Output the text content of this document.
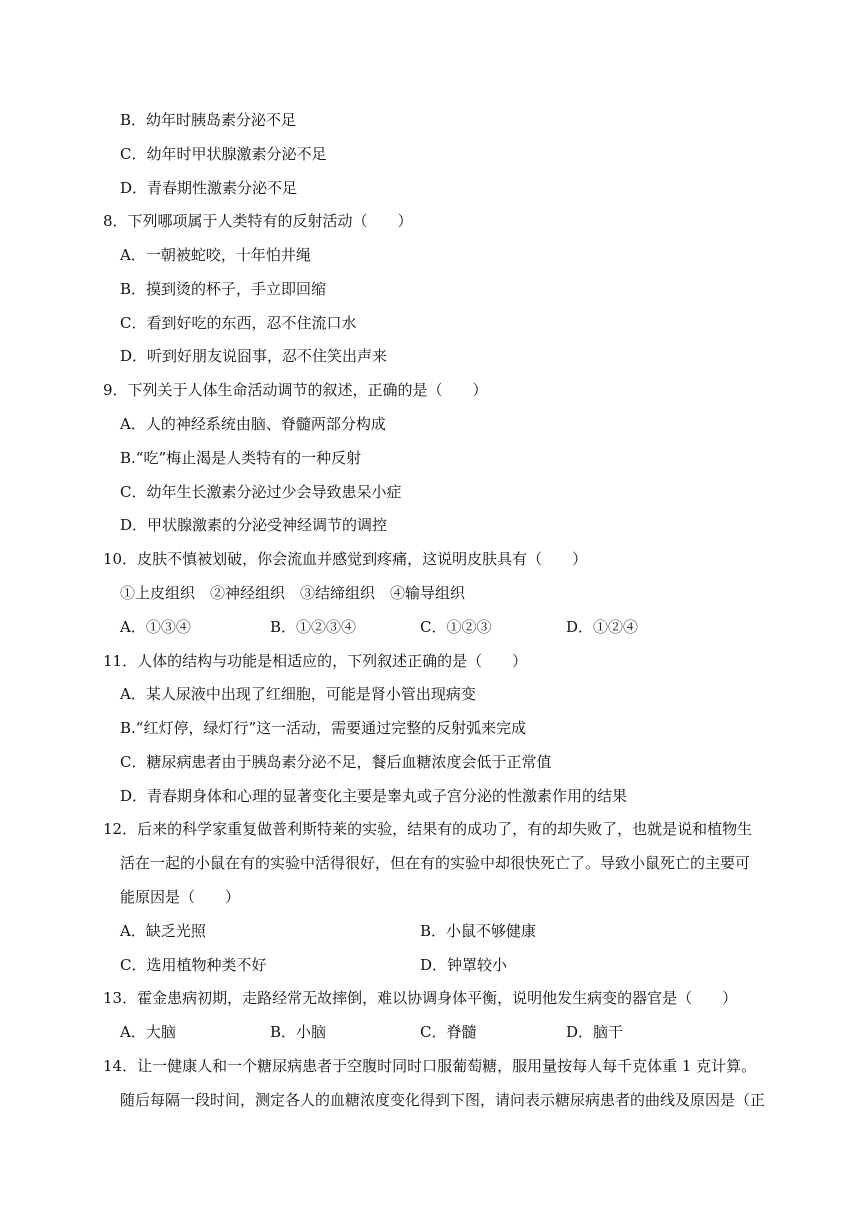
B．幼年时胰岛素分泌不足
C．幼年时甲状腺激素分泌不足
D．青春期性激素分泌不足
8．下列哪项属于人类特有的反射活动（　　）
A．一朝被蛇咬，十年怕井绳
B．摸到烫的杯子，手立即回缩
C．看到好吃的东西，忍不住流口水
D．听到好朋友说囧事，忍不住笑出声来
9．下列关于人体生命活动调节的叙述，正确的是（　　）
A．人的神经系统由脑、脊髓两部分构成
B.“吃”梅止渴是人类特有的一种反射
C．幼年生长激素分泌过少会导致患呆小症
D．甲状腺激素的分泌受神经调节的调控
10．皮肤不慎被划破，你会流血并感觉到疼痛，这说明皮肤具有（　　）
①上皮组织　②神经组织　③结缔组织　④输导组织
A．①③④	B．①②③④	C．①②③	D．①②④
11．人体的结构与功能是相适应的，下列叙述正确的是（　　）
A．某人尿液中出现了红细胞，可能是肾小管出现病变
B.“红灯停，绿灯行”这一活动，需要通过完整的反射弧来完成
C．糖尿病患者由于胰岛素分泌不足，餐后血糖浓度会低于正常值
D．青春期身体和心理的显著变化主要是睾丸或子宫分泌的性激素作用的结果
12．后来的科学家重复做普利斯特莱的实验，结果有的成功了，有的却失败了，也就是说和植物生
活在一起的小鼠在有的实验中活得很好，但在有的实验中却很快死亡了。导致小鼠死亡的主要可
能原因是（　　）
A．缺乏光照	B．小鼠不够健康
C．选用植物种类不好	D．钟罩较小
13．霍金患病初期，走路经常无故摔倒，难以协调身体平衡，说明他发生病变的器官是（　　）
A．大脑	B．小脑	C．脊髓	D．脑干
14．让一健康人和一个糖尿病患者于空腹时同时口服葡萄糖，服用量按每人每千克体重 1 克计算。
随后每隔一段时间，测定各人的血糖浓度变化得到下图，请问表示糖尿病患者的曲线及原因是（正
